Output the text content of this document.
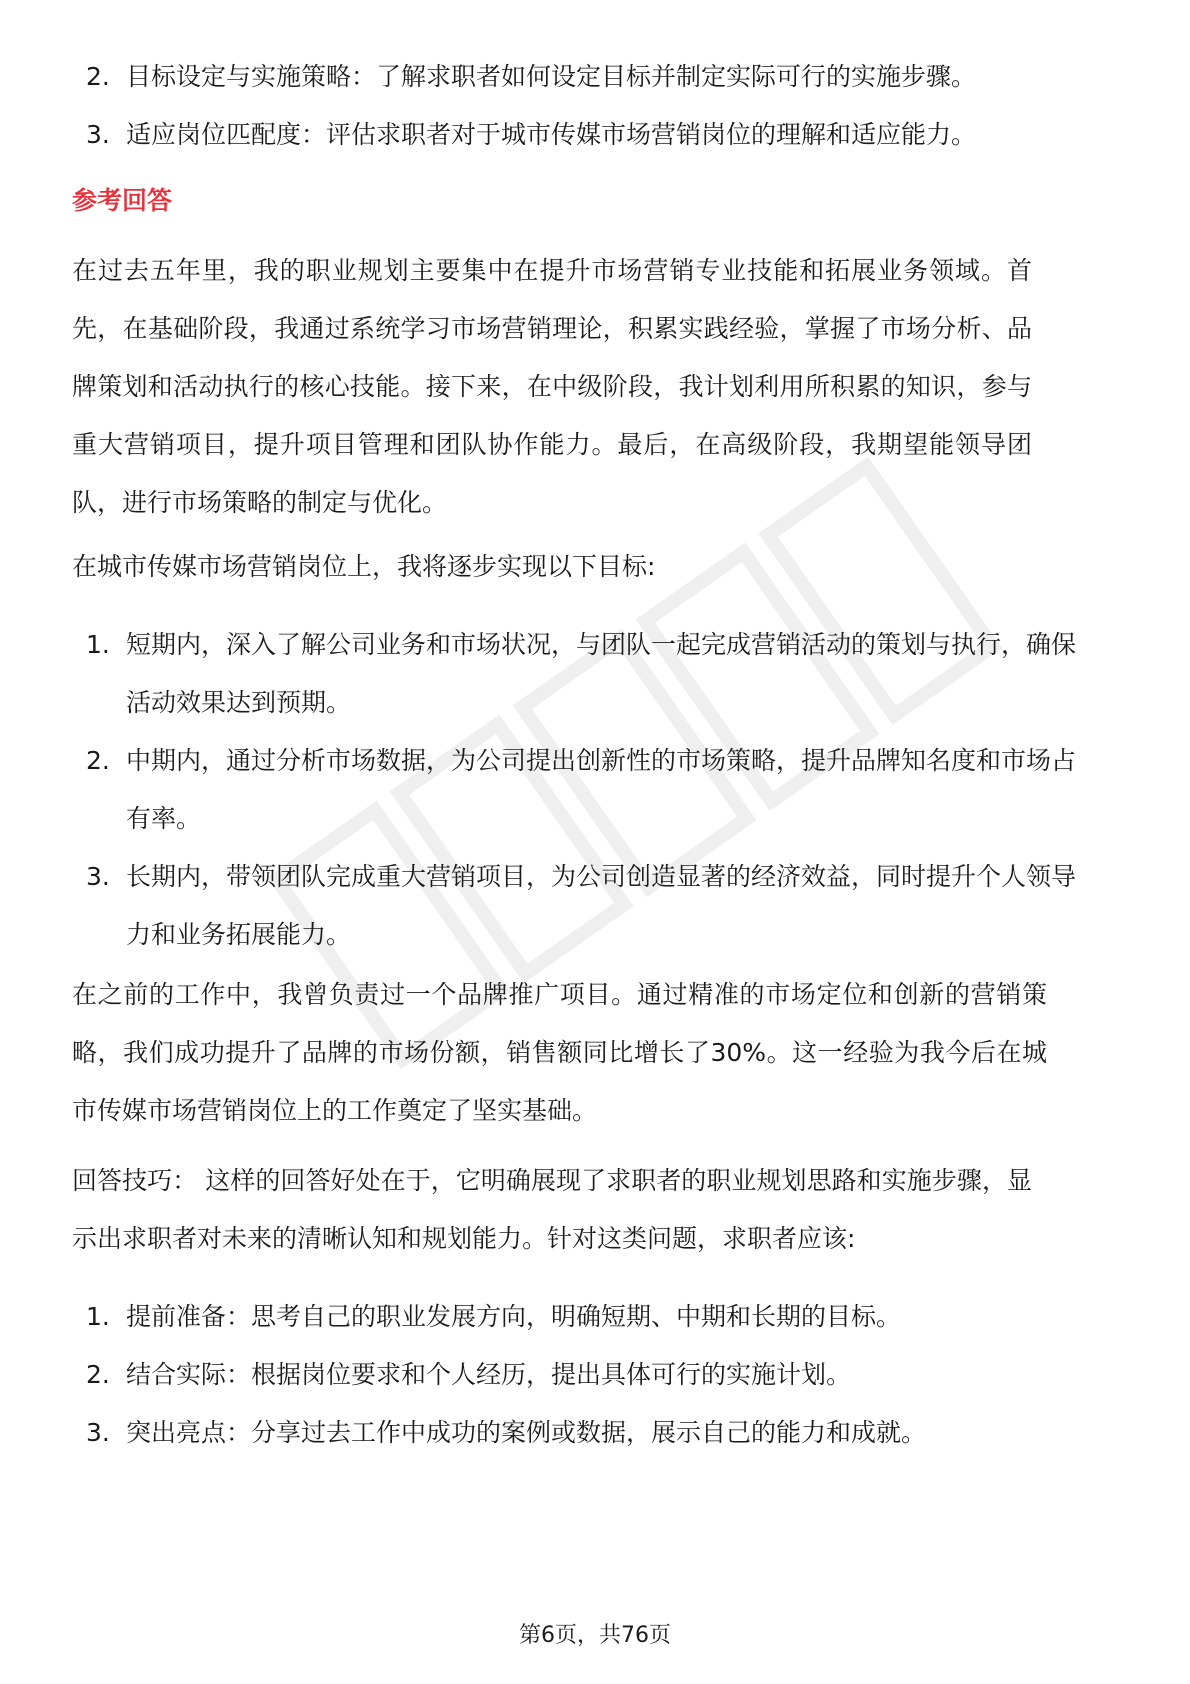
2. 目标设定与实施策略：了解求职者如何设定目标并制定实际可行的实施步骤。
3. 适应岗位匹配度：评估求职者对于城市传媒市场营销岗位的理解和适应能力。

参考回答

在过去五年里，我的职业规划主要集中在提升市场营销专业技能和拓展业务领域。首先，在基础阶段，我通过系统学习市场营销理论，积累实践经验，掌握了市场分析、品牌策划和活动执行的核心技能。接下来，在中级阶段，我计划利用所积累的知识，参与重大营销项目，提升项目管理和团队协作能力。最后，在高级阶段，我期望能领导团队，进行市场策略的制定与优化。

在城市传媒市场营销岗位上，我将逐步实现以下目标:

1. 短期内，深入了解公司业务和市场状况，与团队一起完成营销活动的策划与执行，确保活动效果达到预期。
2. 中期内，通过分析市场数据，为公司提出创新性的市场策略，提升品牌知名度和市场占有率。
3. 长期内，带领团队完成重大营销项目，为公司创造显著的经济效益，同时提升个人领导力和业务拓展能力。

在之前的工作中，我曾负责过一个品牌推广项目。通过精准的市场定位和创新的营销策略，我们成功提升了品牌的市场份额，销售额同比增长了30%。这一经验为我今后在城市传媒市场营销岗位上的工作奠定了坚实基础。

回答技巧： 这样的回答好处在于，它明确展现了求职者的职业规划思路和实施步骤，显示出求职者对未来的清晰认知和规划能力。针对这类问题，求职者应该:

1. 提前准备：思考自己的职业发展方向，明确短期、中期和长期的目标。
2. 结合实际：根据岗位要求和个人经历，提出具体可行的实施计划。
3. 突出亮点：分享过去工作中成功的案例或数据，展示自己的能力和成就。
第6页，共76页
